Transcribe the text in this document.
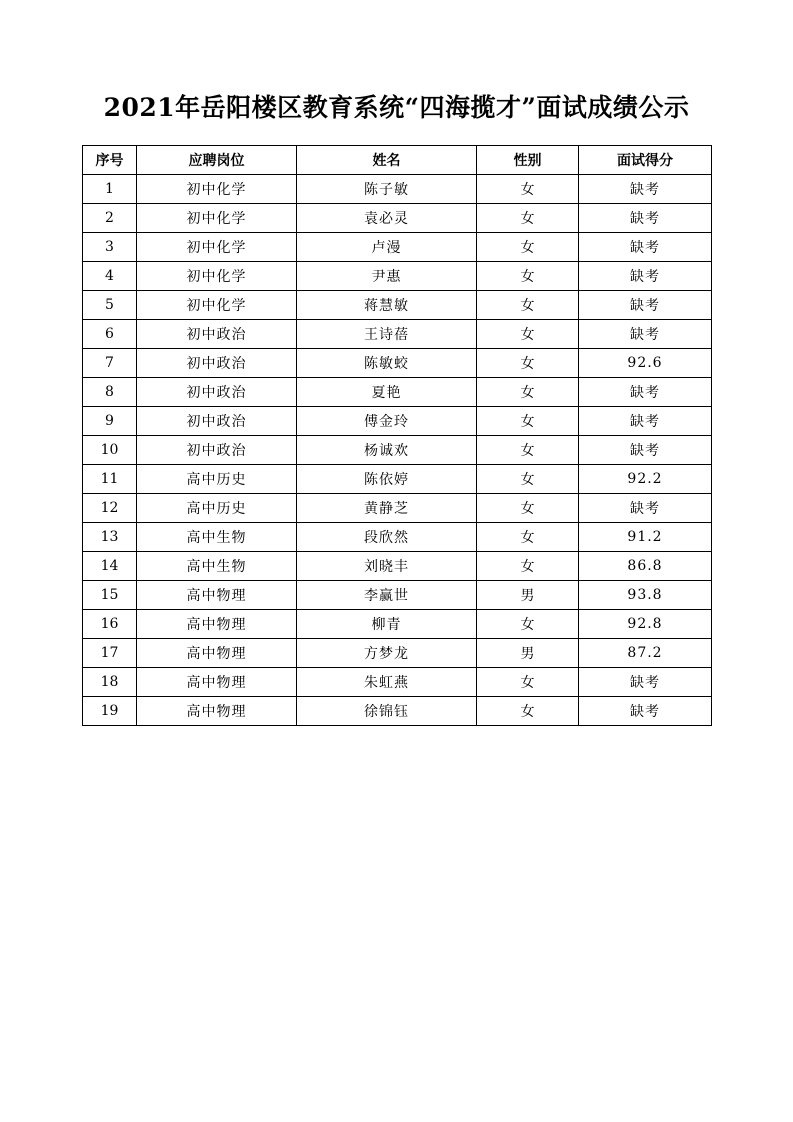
2021年岳阳楼区教育系统“四海揽才”面试成绩公示
序号	应聘岗位	姓名	性别	面试得分
1	初中化学	陈子敏	女	缺考
2	初中化学	袁必灵	女	缺考
3	初中化学	卢漫	女	缺考
4	初中化学	尹惠	女	缺考
5	初中化学	蒋慧敏	女	缺考
6	初中政治	王诗蓓	女	缺考
7	初中政治	陈敏蛟	女	92.6
8	初中政治	夏艳	女	缺考
9	初中政治	傅金玲	女	缺考
10	初中政治	杨诚欢	女	缺考
11	高中历史	陈依婷	女	92.2
12	高中历史	黄静芝	女	缺考
13	高中生物	段欣然	女	91.2
14	高中生物	刘晓丰	女	86.8
15	高中物理	李赢世	男	93.8
16	高中物理	柳青	女	92.8
17	高中物理	方梦龙	男	87.2
18	高中物理	朱虹燕	女	缺考
19	高中物理	徐锦钰	女	缺考
